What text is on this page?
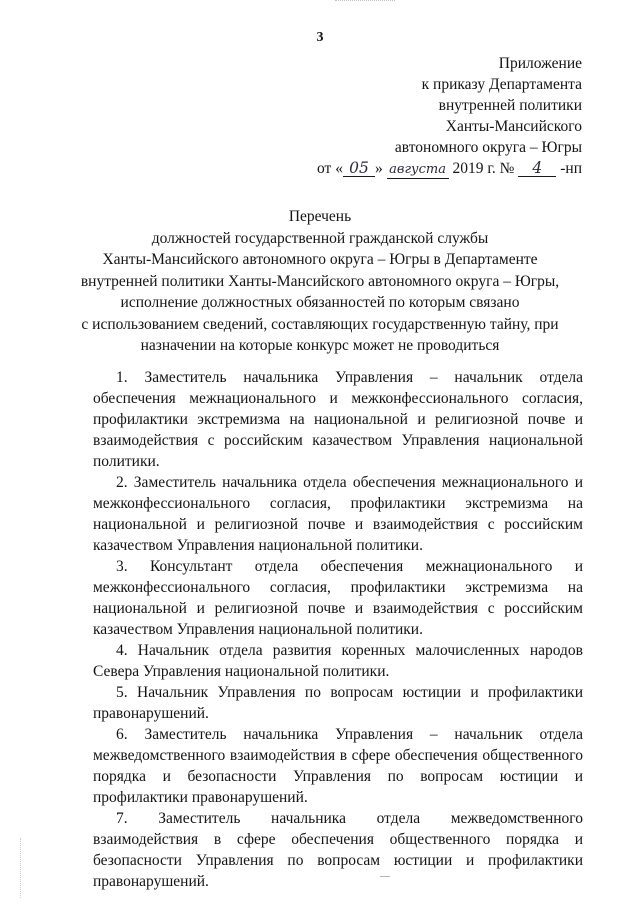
3
Приложение
к приказу Департамента
внутренней политики
Ханты-Мансийского
автономного округа – Югры
от « 05 » августа 2019 г. № 4 -нп
Перечень
должностей государственной гражданской службы
Ханты-Мансийского автономного округа – Югры в Департаменте
внутренней политики Ханты-Мансийского автономного округа – Югры,
исполнение должностных обязанностей по которым связано
с использованием сведений, составляющих государственную тайну, при
назначении на которые конкурс может не проводиться

1. Заместитель начальника Управления – начальник отдела обеспечения межнационального и межконфессионального согласия, профилактики экстремизма на национальной и религиозной почве и взаимодействия с российским казачеством Управления национальной политики.

2. Заместитель начальника отдела обеспечения межнационального и межконфессионального согласия, профилактики экстремизма на национальной и религиозной почве и взаимодействия с российским казачеством Управления национальной политики.

3. Консультант отдела обеспечения межнационального и межконфессионального согласия, профилактики экстремизма на национальной и религиозной почве и взаимодействия с российским казачеством Управления национальной политики.

4. Начальник отдела развития коренных малочисленных народов Севера Управления национальной политики.

5. Начальник Управления по вопросам юстиции и профилактики правонарушений.

6. Заместитель начальника Управления – начальник отдела межведомственного взаимодействия в сфере обеспечения общественного порядка и безопасности Управления по вопросам юстиции и профилактики правонарушений.

7. Заместитель начальника отдела межведомственного взаимодействия в сфере обеспечения общественного порядка и безопасности Управления по вопросам юстиции и профилактики правонарушений.
